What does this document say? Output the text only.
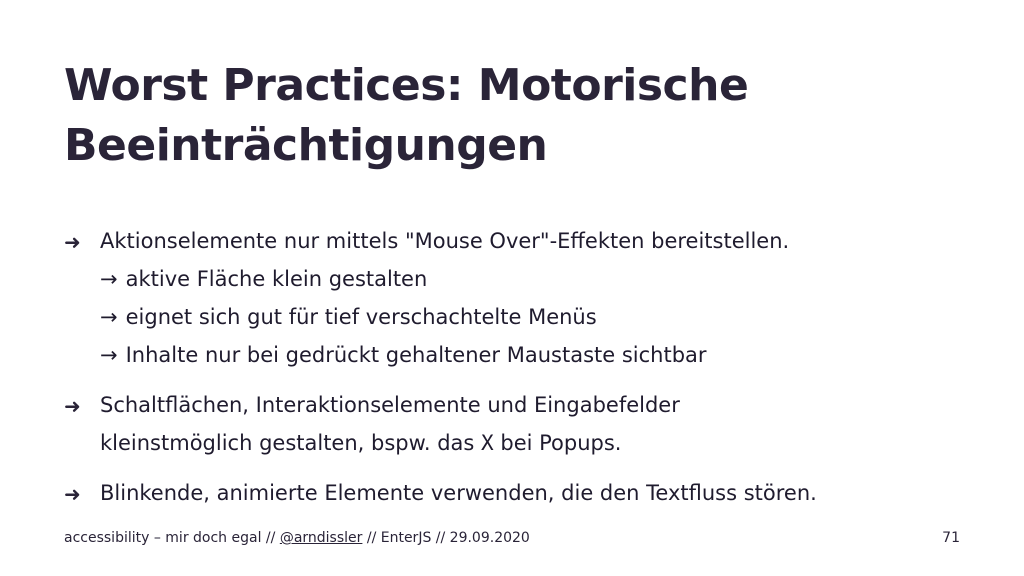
Worst Practices: Motorische
Beeinträchtigungen
➜ Aktionselemente nur mittels "Mouse Over"-Effekten bereitstellen.
→ aktive Fläche klein gestalten
→ eignet sich gut für tief verschachtelte Menüs
→ Inhalte nur bei gedrückt gehaltener Maustaste sichtbar
➜ Schaltflächen, Interaktionselemente und Eingabefelder
kleinstmöglich gestalten, bspw. das X bei Popups.
➜ Blinkende, animierte Elemente verwenden, die den Textfluss stören.
accessibility – mir doch egal // @arndissler // EnterJS // 29.09.2020	71
